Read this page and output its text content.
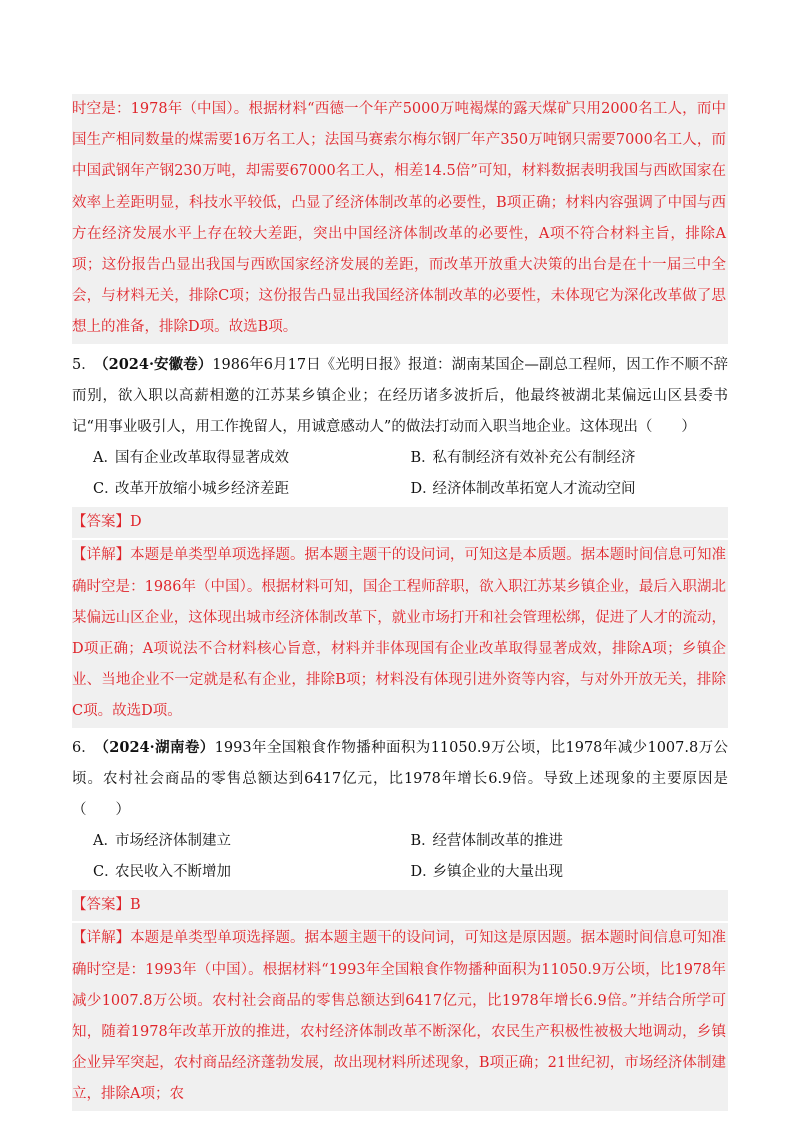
时空是：1978年（中国）。根据材料“西德一个年产5000万吨褐煤的露天煤矿只用2000名工人，而中国生产相同数量的煤需要16万名工人；法国马赛索尔梅尔钢厂年产350万吨钢只需要7000名工人，而中国武钢年产钢230万吨，却需要67000名工人，相差14.5倍”可知，材料数据表明我国与西欧国家在效率上差距明显，科技水平较低，凸显了经济体制改革的必要性，B项正确；材料内容强调了中国与西方在经济发展水平上存在较大差距，突出中国经济体制改革的必要性，A项不符合材料主旨，排除A项；这份报告凸显出我国与西欧国家经济发展的差距，而改革开放重大决策的出台是在十一届三中全会，与材料无关，排除C项；这份报告凸显出我国经济体制改革的必要性，未体现它为深化改革做了思想上的准备，排除D项。故选B项。
5．（2024·安徽卷）1986年6月17日《光明日报》报道：湖南某国企—副总工程师，因工作不顺不辞而别，欲入职以高薪相邀的江苏某乡镇企业；在经历诸多波折后，他最终被湖北某偏远山区县委书记“用事业吸引人，用工作挽留人，用诚意感动人”的做法打动而入职当地企业。这体现出（　　）
A．国有企业改革取得显著成效	B．私有制经济有效补充公有制经济
C．改革开放缩小城乡经济差距	D．经济体制改革拓宽人才流动空间
【答案】D
【详解】本题是单类型单项选择题。据本题主题干的设问词，可知这是本质题。据本题时间信息可知准确时空是：1986年（中国）。根据材料可知，国企工程师辞职，欲入职江苏某乡镇企业，最后入职湖北某偏远山区企业，这体现出城市经济体制改革下，就业市场打开和社会管理松绑，促进了人才的流动，D项正确；A项说法不合材料核心旨意，材料并非体现国有企业改革取得显著成效，排除A项；乡镇企业、当地企业不一定就是私有企业，排除B项；材料没有体现引进外资等内容，与对外开放无关，排除C项。故选D项。
6．（2024·湖南卷）1993年全国粮食作物播种面积为11050.9万公顷，比1978年减少1007.8万公顷。农村社会商品的零售总额达到6417亿元，比1978年增长6.9倍。导致上述现象的主要原因是（　　）
A．市场经济体制建立	B．经营体制改革的推进
C．农民收入不断增加	D．乡镇企业的大量出现
【答案】B
【详解】本题是单类型单项选择题。据本题主题干的设问词，可知这是原因题。据本题时间信息可知准确时空是：1993年（中国）。根据材料“1993年全国粮食作物播种面积为11050.9万公顷，比1978年减少1007.8万公顷。农村社会商品的零售总额达到6417亿元，比1978年增长6.9倍。”并结合所学可知，随着1978年改革开放的推进，农村经济体制改革不断深化，农民生产积极性被极大地调动，乡镇企业异军突起，农村商品经济蓬勃发展，故出现材料所述现象，B项正确；21世纪初，市场经济体制建立，排除A项；农
